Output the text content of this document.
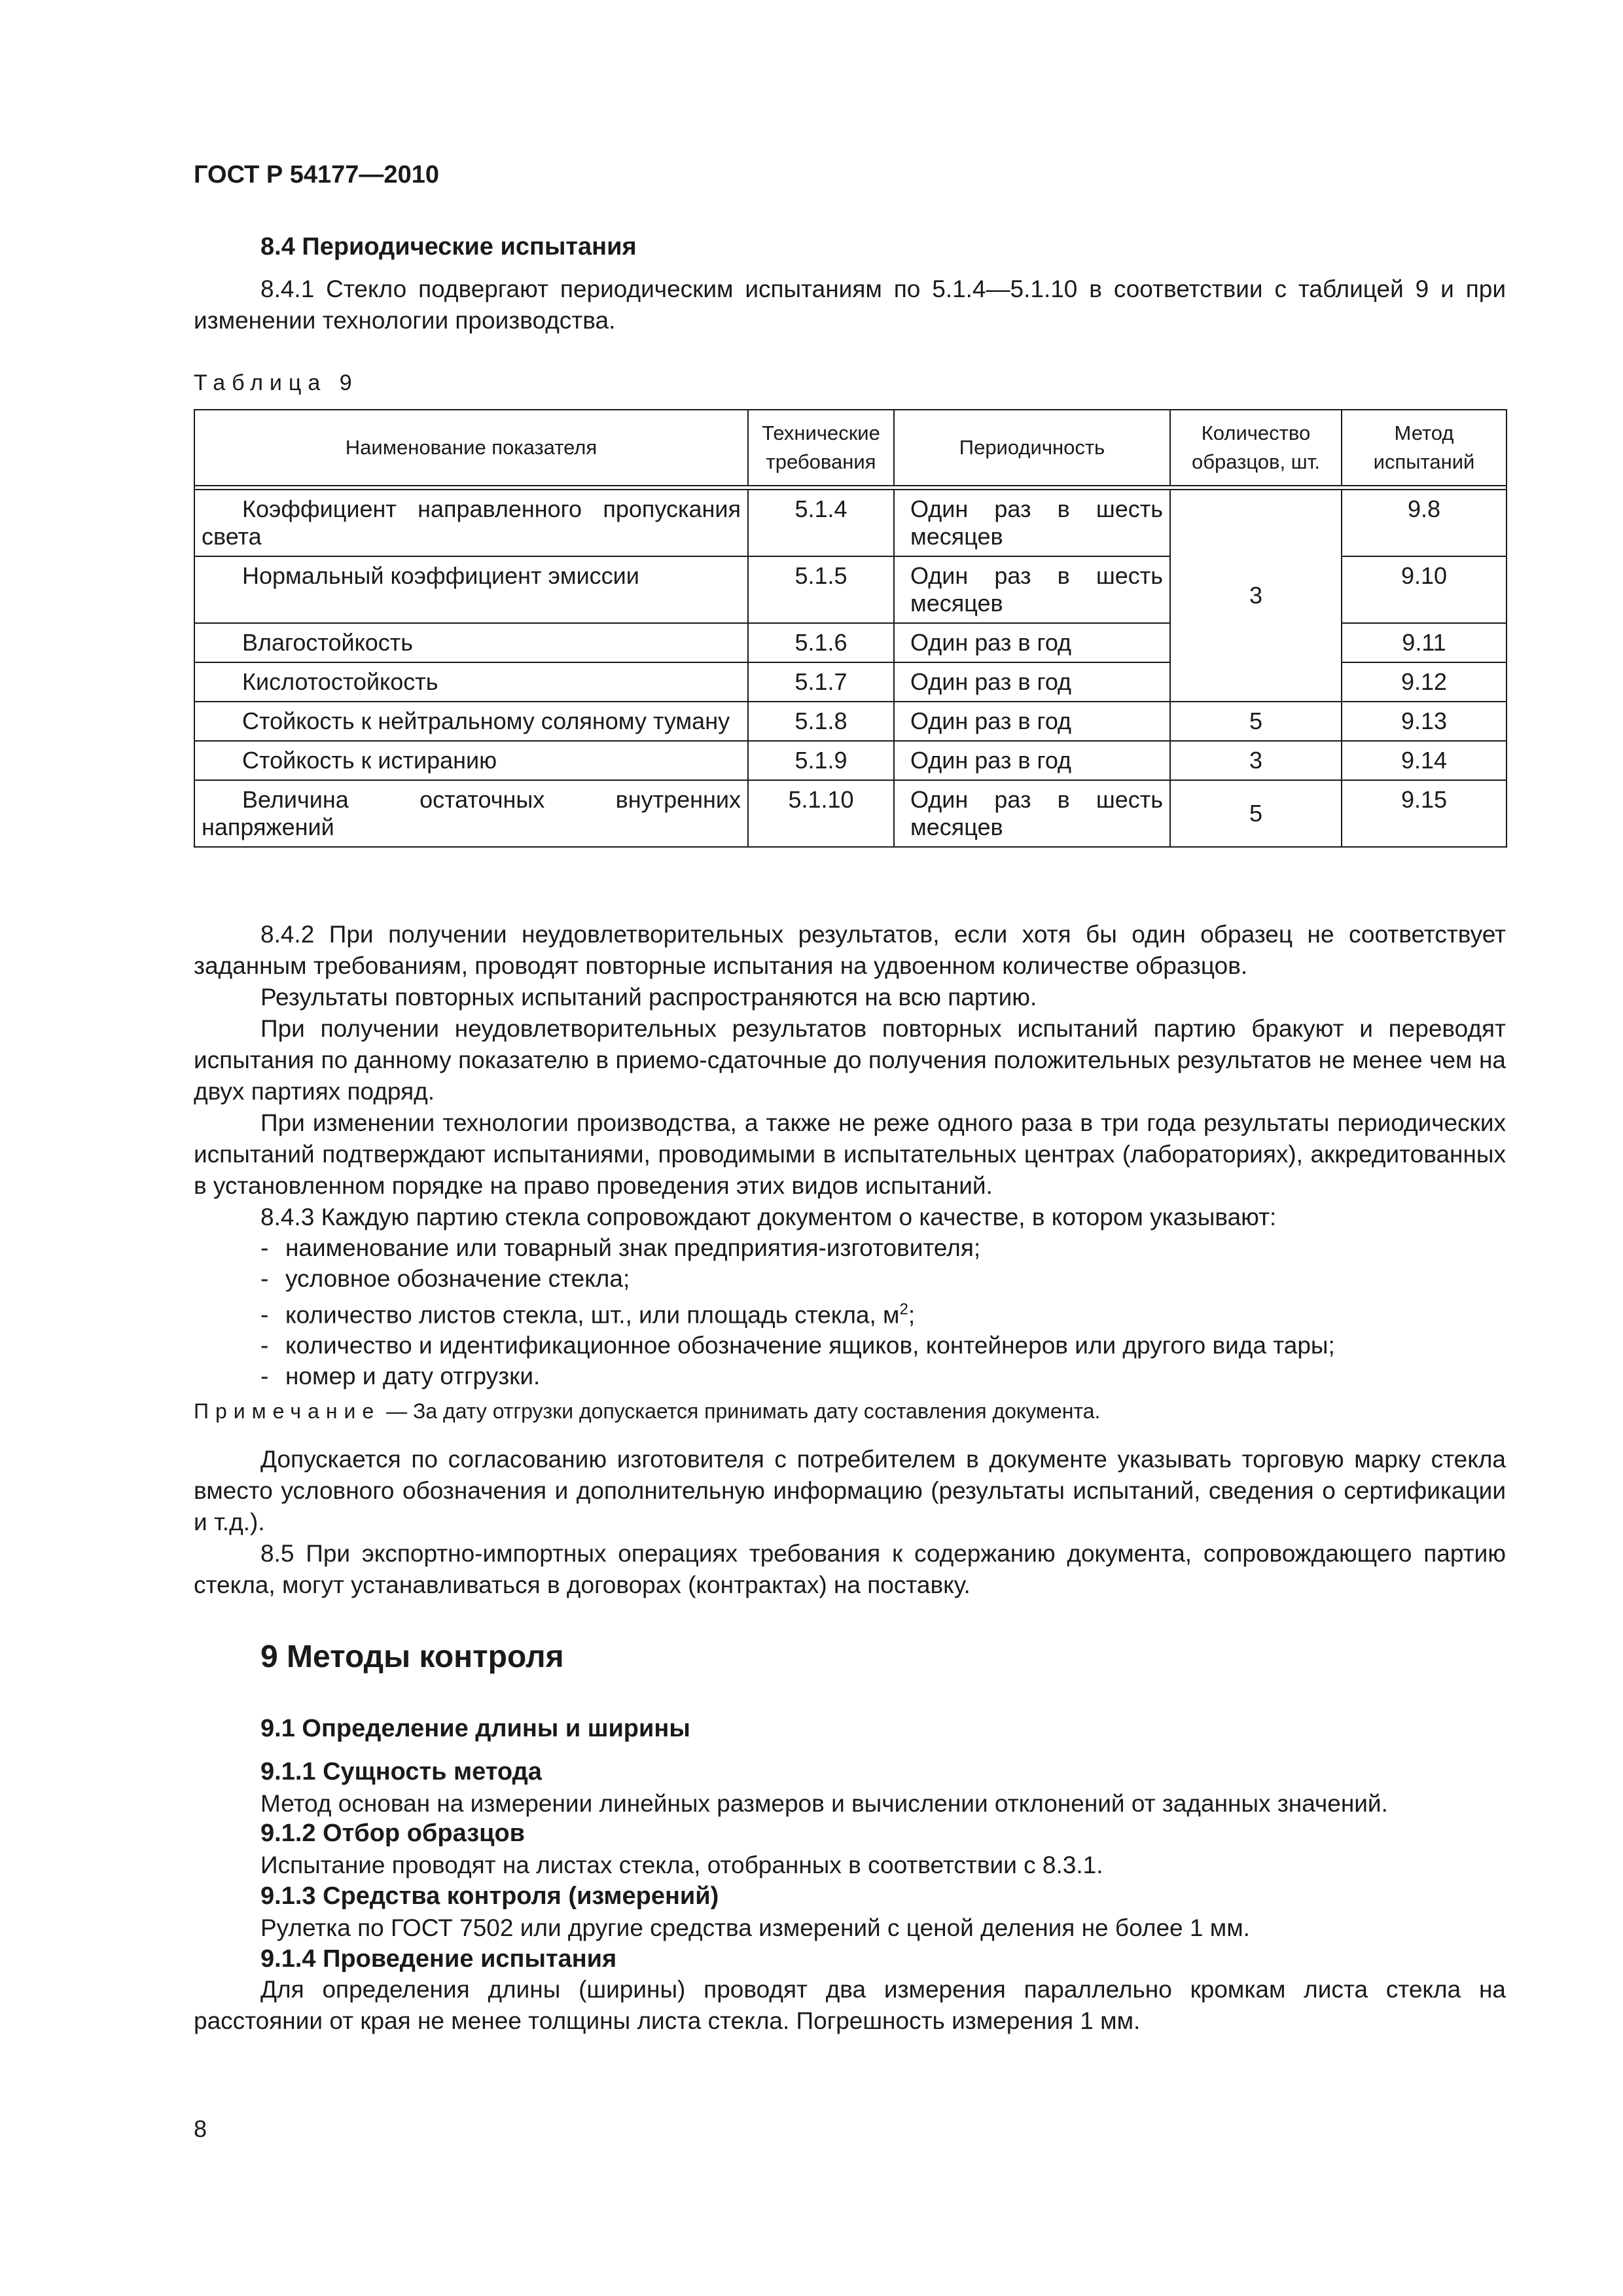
ГОСТ Р 54177—2010
8.4 Периодические испытания
8.4.1 Стекло подвергают периодическим испытаниям по 5.1.4—5.1.10 в соответствии с таблицей 9 и при изменении технологии производства.
Таблица 9
Наименование показателя	Технические требования	Периодичность	Количество образцов, шт.	Метод испытаний

Коэффициент направленного пропускания света	5.1.4	Один раз в шесть месяцев	3	9.8
Нормальный коэффициент эмиссии	5.1.5	Один раз в шесть месяцев		9.10
Влагостойкость	5.1.6	Один раз в год		9.11
Кислотостойкость	5.1.7	Один раз в год		9.12
Стойкость к нейтральному соляному туману	5.1.8	Один раз в год	5	9.13
Стойкость к истиранию	5.1.9	Один раз в год	3	9.14
Величина остаточных внутренних напряжений	5.1.10	Один раз в шесть месяцев	5	9.15
8.4.2 При получении неудовлетворительных результатов, если хотя бы один образец не соответствует заданным требованиям, проводят повторные испытания на удвоенном количестве образцов.
Результаты повторных испытаний распространяются на всю партию.
При получении неудовлетворительных результатов повторных испытаний партию бракуют и переводят испытания по данному показателю в приемо-сдаточные до получения положительных результатов не менее чем на двух партиях подряд.
При изменении технологии производства, а также не реже одного раза в три года результаты периодических испытаний подтверждают испытаниями, проводимыми в испытательных центрах (лабораториях), аккредитованных в установленном порядке на право проведения этих видов испытаний.
8.4.3 Каждую партию стекла сопровождают документом о качестве, в котором указывают:
- наименование или товарный знак предприятия-изготовителя;
- условное обозначение стекла;
- количество листов стекла, шт., или площадь стекла, $м^2$;
- количество и идентификационное обозначение ящиков, контейнеров или другого вида тары;
- номер и дату отгрузки.
Примечание — За дату отгрузки допускается принимать дату составления документа.
Допускается по согласованию изготовителя с потребителем в документе указывать торговую марку стекла вместо условного обозначения и дополнительную информацию (результаты испытаний, сведения о сертификации и т.д.).
8.5 При экспортно-импортных операциях требования к содержанию документа, сопровождающего партию стекла, могут устанавливаться в договорах (контрактах) на поставку.
9 Методы контроля
9.1 Определение длины и ширины
9.1.1 Сущность метода
Метод основан на измерении линейных размеров и вычислении отклонений от заданных значений.
9.1.2 Отбор образцов
Испытание проводят на листах стекла, отобранных в соответствии с 8.3.1.
9.1.3 Средства контроля (измерений)
Рулетка по ГОСТ 7502 или другие средства измерений с ценой деления не более 1 мм.
9.1.4 Проведение испытания
Для определения длины (ширины) проводят два измерения параллельно кромкам листа стекла на расстоянии от края не менее толщины листа стекла. Погрешность измерения 1 мм.
8
